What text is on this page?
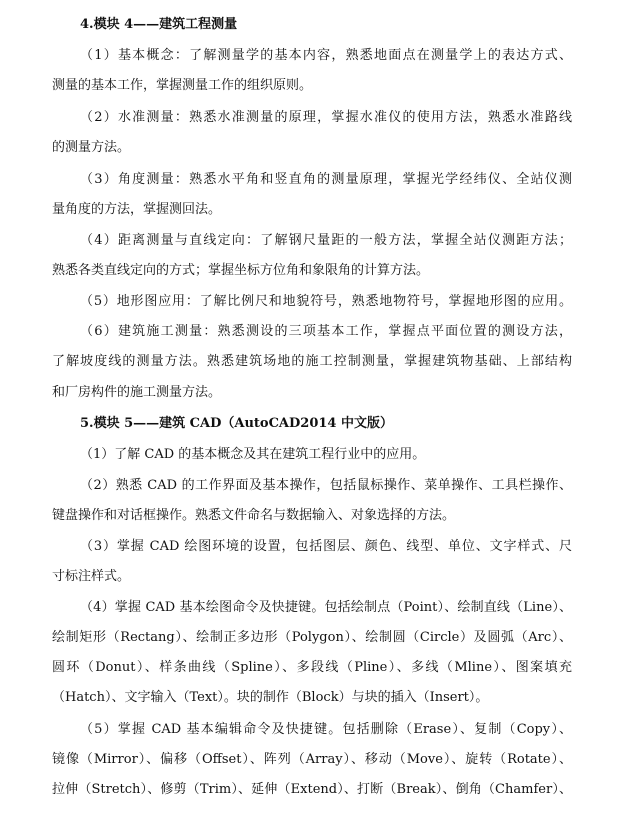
4.模块 4——建筑工程测量
（1）基本概念：了解测量学的基本内容，熟悉地面点在测量学上的表达方式、
测量的基本工作，掌握测量工作的组织原则。
（2）水准测量：熟悉水准测量的原理，掌握水准仪的使用方法，熟悉水准路线
的测量方法。
（3）角度测量：熟悉水平角和竖直角的测量原理，掌握光学经纬仪、全站仪测
量角度的方法，掌握测回法。
（4）距离测量与直线定向：了解钢尺量距的一般方法，掌握全站仪测距方法；
熟悉各类直线定向的方式；掌握坐标方位角和象限角的计算方法。
（5）地形图应用：了解比例尺和地貌符号，熟悉地物符号，掌握地形图的应用。
（6）建筑施工测量：熟悉测设的三项基本工作，掌握点平面位置的测设方法，
了解坡度线的测量方法。熟悉建筑场地的施工控制测量，掌握建筑物基础、上部结构
和厂房构件的施工测量方法。
5.模块 5——建筑 CAD（AutoCAD2014 中文版）
（1）了解 CAD 的基本概念及其在建筑工程行业中的应用。
（2）熟悉 CAD 的工作界面及基本操作，包括鼠标操作、菜单操作、工具栏操作、
键盘操作和对话框操作。熟悉文件命名与数据输入、对象选择的方法。
（3）掌握 CAD 绘图环境的设置，包括图层、颜色、线型、单位、文字样式、尺
寸标注样式。
（4）掌握 CAD 基本绘图命令及快捷键。包括绘制点（Point）、绘制直线（Line）、
绘制矩形（Rectang）、绘制正多边形（Polygon）、绘制圆（Circle）及圆弧（Arc）、
圆环（Donut）、样条曲线（Spline）、多段线（Pline）、多线（Mline）、图案填充
（Hatch）、文字输入（Text）。块的制作（Block）与块的插入（Insert）。
（5）掌握 CAD 基本编辑命令及快捷键。包括删除（Erase）、复制（Copy）、
镜像（Mirror）、偏移（Offset）、阵列（Array）、移动（Move）、旋转（Rotate）、
拉伸（Stretch）、修剪（Trim）、延伸（Extend）、打断（Break）、倒角（Chamfer）、
